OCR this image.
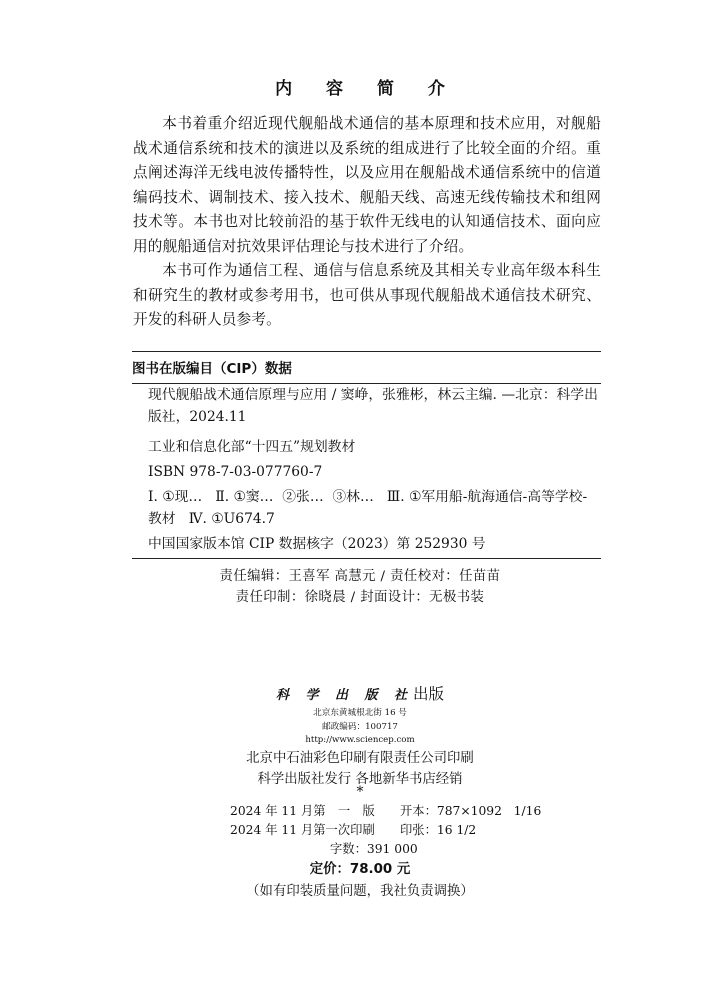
内 容 简 介

本书着重介绍近现代舰船战术通信的基本原理和技术应用，对舰船战术通信系统和技术的演进以及系统的组成进行了比较全面的介绍。重点阐述海洋无线电波传播特性，以及应用在舰船战术通信系统中的信道编码技术、调制技术、接入技术、舰船天线、高速无线传输技术和组网技术等。本书也对比较前沿的基于软件无线电的认知通信技术、面向应用的舰船通信对抗效果评估理论与技术进行了介绍。

本书可作为通信工程、通信与信息系统及其相关专业高年级本科生和研究生的教材或参考用书，也可供从事现代舰船战术通信技术研究、开发的科研人员参考。

图书在版编目（CIP）数据
现代舰船战术通信原理与应用 / 窦峥，张雅彬，林云主编. —北京：科学出版社，2024.11
工业和信息化部“十四五”规划教材
ISBN 978-7-03-077760-7
Ⅰ. ①现…   Ⅱ. ①窦…  ②张…  ③林…   Ⅲ. ①军用船-航海通信-高等学校-教材   Ⅳ. ①U674.7
中国国家版本馆 CIP 数据核字（2023）第 252930 号
责任编辑：王喜军 高慧元 / 责任校对：任苗苗
责任印制：徐晓晨 / 封面设计：无极书装
科 学 出 版 社出版
北京东黄城根北街 16 号
邮政编码：100717
http://www.sciencep.com
北京中石油彩色印刷有限责任公司印刷
科学出版社发行 各地新华书店经销
*
2024 年 11 月第　一　版 开本：787×1092   1/16
2024 年 11 月第一次印刷 印张：16 1/2
字数：391 000
定价：78.00 元
（如有印装质量问题，我社负责调换）
